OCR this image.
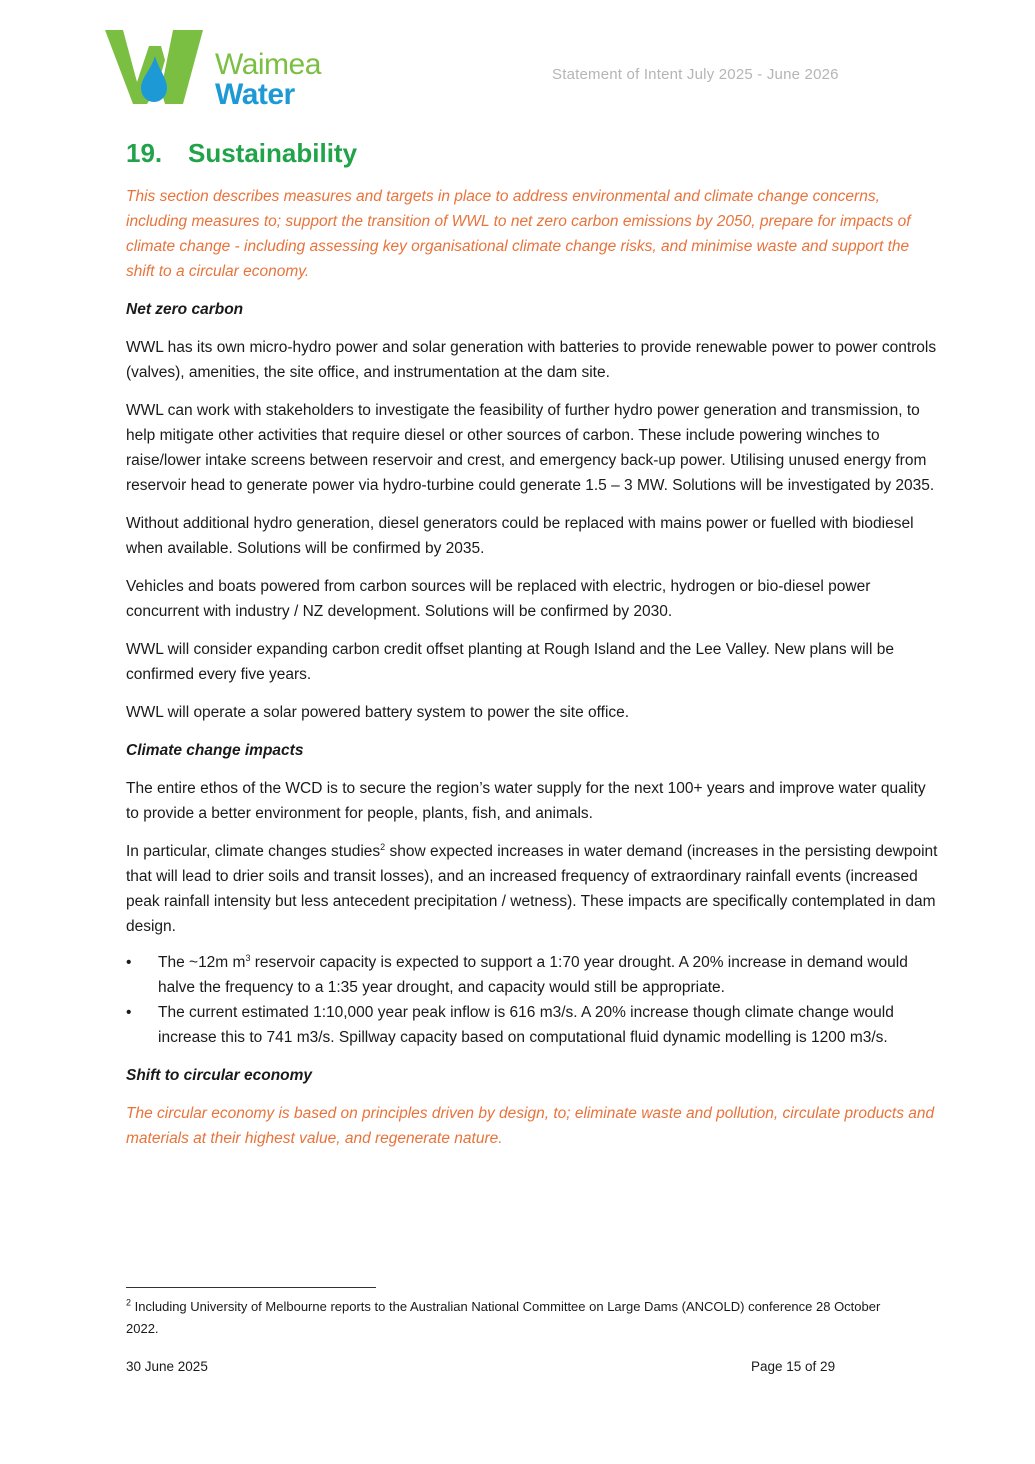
Waimea
Water
Statement of Intent July 2025 - June 2026
19. Sustainability

This section describes measures and targets in place to address environmental and climate change concerns, including measures to; support the transition of WWL to net zero carbon emissions by 2050, prepare for impacts of climate change - including assessing key organisational climate change risks, and minimise waste and support the shift to a circular economy.

Net zero carbon

WWL has its own micro-hydro power and solar generation with batteries to provide renewable power to power controls (valves), amenities, the site office, and instrumentation at the dam site.

WWL can work with stakeholders to investigate the feasibility of further hydro power generation and transmission, to help mitigate other activities that require diesel or other sources of carbon. These include powering winches to raise/lower intake screens between reservoir and crest, and emergency back-up power. Utilising unused energy from reservoir head to generate power via hydro-turbine could generate 1.5 – 3 MW. Solutions will be investigated by 2035.

Without additional hydro generation, diesel generators could be replaced with mains power or fuelled with biodiesel when available. Solutions will be confirmed by 2035.

Vehicles and boats powered from carbon sources will be replaced with electric, hydrogen or bio-diesel power concurrent with industry / NZ development. Solutions will be confirmed by 2030.

WWL will consider expanding carbon credit offset planting at Rough Island and the Lee Valley. New plans will be confirmed every five years.

WWL will operate a solar powered battery system to power the site office.

Climate change impacts

The entire ethos of the WCD is to secure the region’s water supply for the next 100+ years and improve water quality to provide a better environment for people, plants, fish, and animals.

In particular, climate changes studies$^2$ show expected increases in water demand (increases in the persisting dewpoint that will lead to drier soils and transit losses), and an increased frequency of extraordinary rainfall events (increased peak rainfall intensity but less antecedent precipitation / wetness). These impacts are specifically contemplated in dam design.

• The ~12m $m^3$ reservoir capacity is expected to support a 1:70 year drought. A 20% increase in demand would halve the frequency to a 1:35 year drought, and capacity would still be appropriate.
• The current estimated 1:10,000 year peak inflow is 616 m3/s. A 20% increase though climate change would increase this to 741 m3/s. Spillway capacity based on computational fluid dynamic modelling is 1200 m3/s.

Shift to circular economy

The circular economy is based on principles driven by design, to; eliminate waste and pollution, circulate products and materials at their highest value, and regenerate nature.

$^2$ Including University of Melbourne reports to the Australian National Committee on Large Dams (ANCOLD) conference 28 October 2022.
30 June 2025	Page 15 of 29
